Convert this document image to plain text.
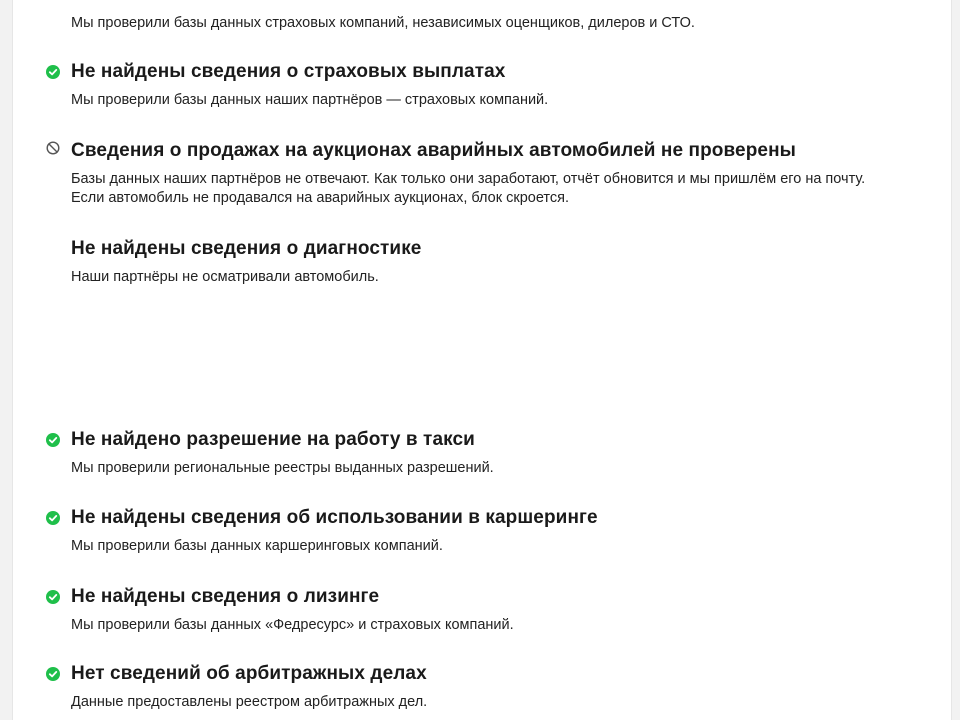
Мы проверили базы данных страховых компаний, независимых оценщиков, дилеров и СТО.

Не найдены сведения о страховых выплатах

Мы проверили базы данных наших партнёров — страховых компаний.

Сведения о продажах на аукционах аварийных автомобилей не проверены

Базы данных наших партнёров не отвечают. Как только они заработают, отчёт обновится и мы пришлём его на почту. Если автомобиль не продавался на аварийных аукционах, блок скроется.

Не найдены сведения о диагностике

Наши партнёры не осматривали автомобиль.

Не найдено разрешение на работу в такси

Мы проверили региональные реестры выданных разрешений.

Не найдены сведения об использовании в каршеринге

Мы проверили базы данных каршеринговых компаний.

Не найдены сведения о лизинге

Мы проверили базы данных «Федресурс» и страховых компаний.

Нет сведений об арбитражных делах

Данные предоставлены реестром арбитражных дел.
